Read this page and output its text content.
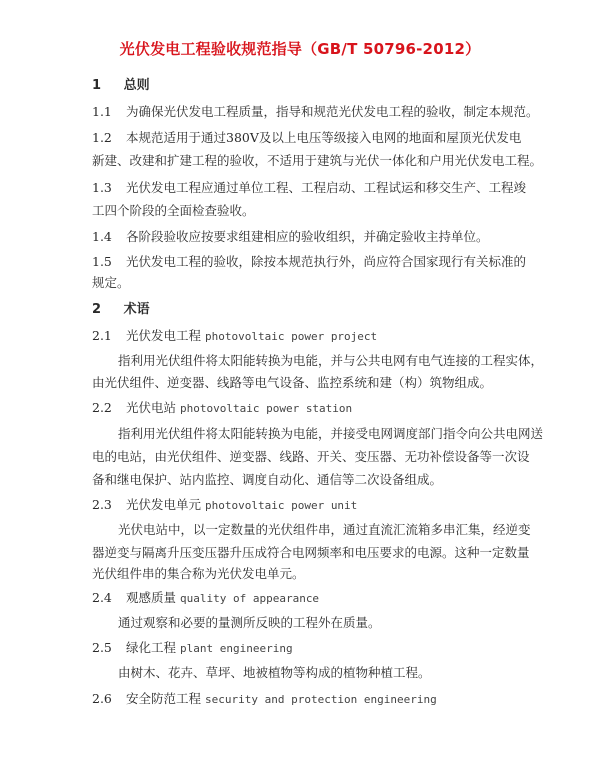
光伏发电工程验收规范指导（GB/T 50796-2012）
1 总则
1.1 为确保光伏发电工程质量，指导和规范光伏发电工程的验收，制定本规范。
1.2 本规范适用于通过380V及以上电压等级接入电网的地面和屋顶光伏发电
新建、改建和扩建工程的验收，不适用于建筑与光伏一体化和户用光伏发电工程。
1.3 光伏发电工程应通过单位工程、工程启动、工程试运和移交生产、工程竣
工四个阶段的全面检查验收。
1.4 各阶段验收应按要求组建相应的验收组织，并确定验收主持单位。
1.5 光伏发电工程的验收，除按本规范执行外，尚应符合国家现行有关标准的
规定。
2 术语
2.1 光伏发电工程 photovoltaic power project
指利用光伏组件将太阳能转换为电能，并与公共电网有电气连接的工程实体，
由光伏组件、逆变器、线路等电气设备、监控系统和建（构）筑物组成。
2.2 光伏电站 photovoltaic power station
指利用光伏组件将太阳能转换为电能，并接受电网调度部门指令向公共电网送
电的电站，由光伏组件、逆变器、线路、开关、变压器、无功补偿设备等一次设
备和继电保护、站内监控、调度自动化、通信等二次设备组成。
2.3 光伏发电单元 photovoltaic power unit
光伏电站中，以一定数量的光伏组件串，通过直流汇流箱多串汇集，经逆变
器逆变与隔离升压变压器升压成符合电网频率和电压要求的电源。这种一定数量
光伏组件串的集合称为光伏发电单元。
2.4 观感质量 quality of appearance
通过观察和必要的量测所反映的工程外在质量。
2.5 绿化工程 plant engineering
由树木、花卉、草坪、地被植物等构成的植物种植工程。
2.6 安全防范工程 security and protection engineering
